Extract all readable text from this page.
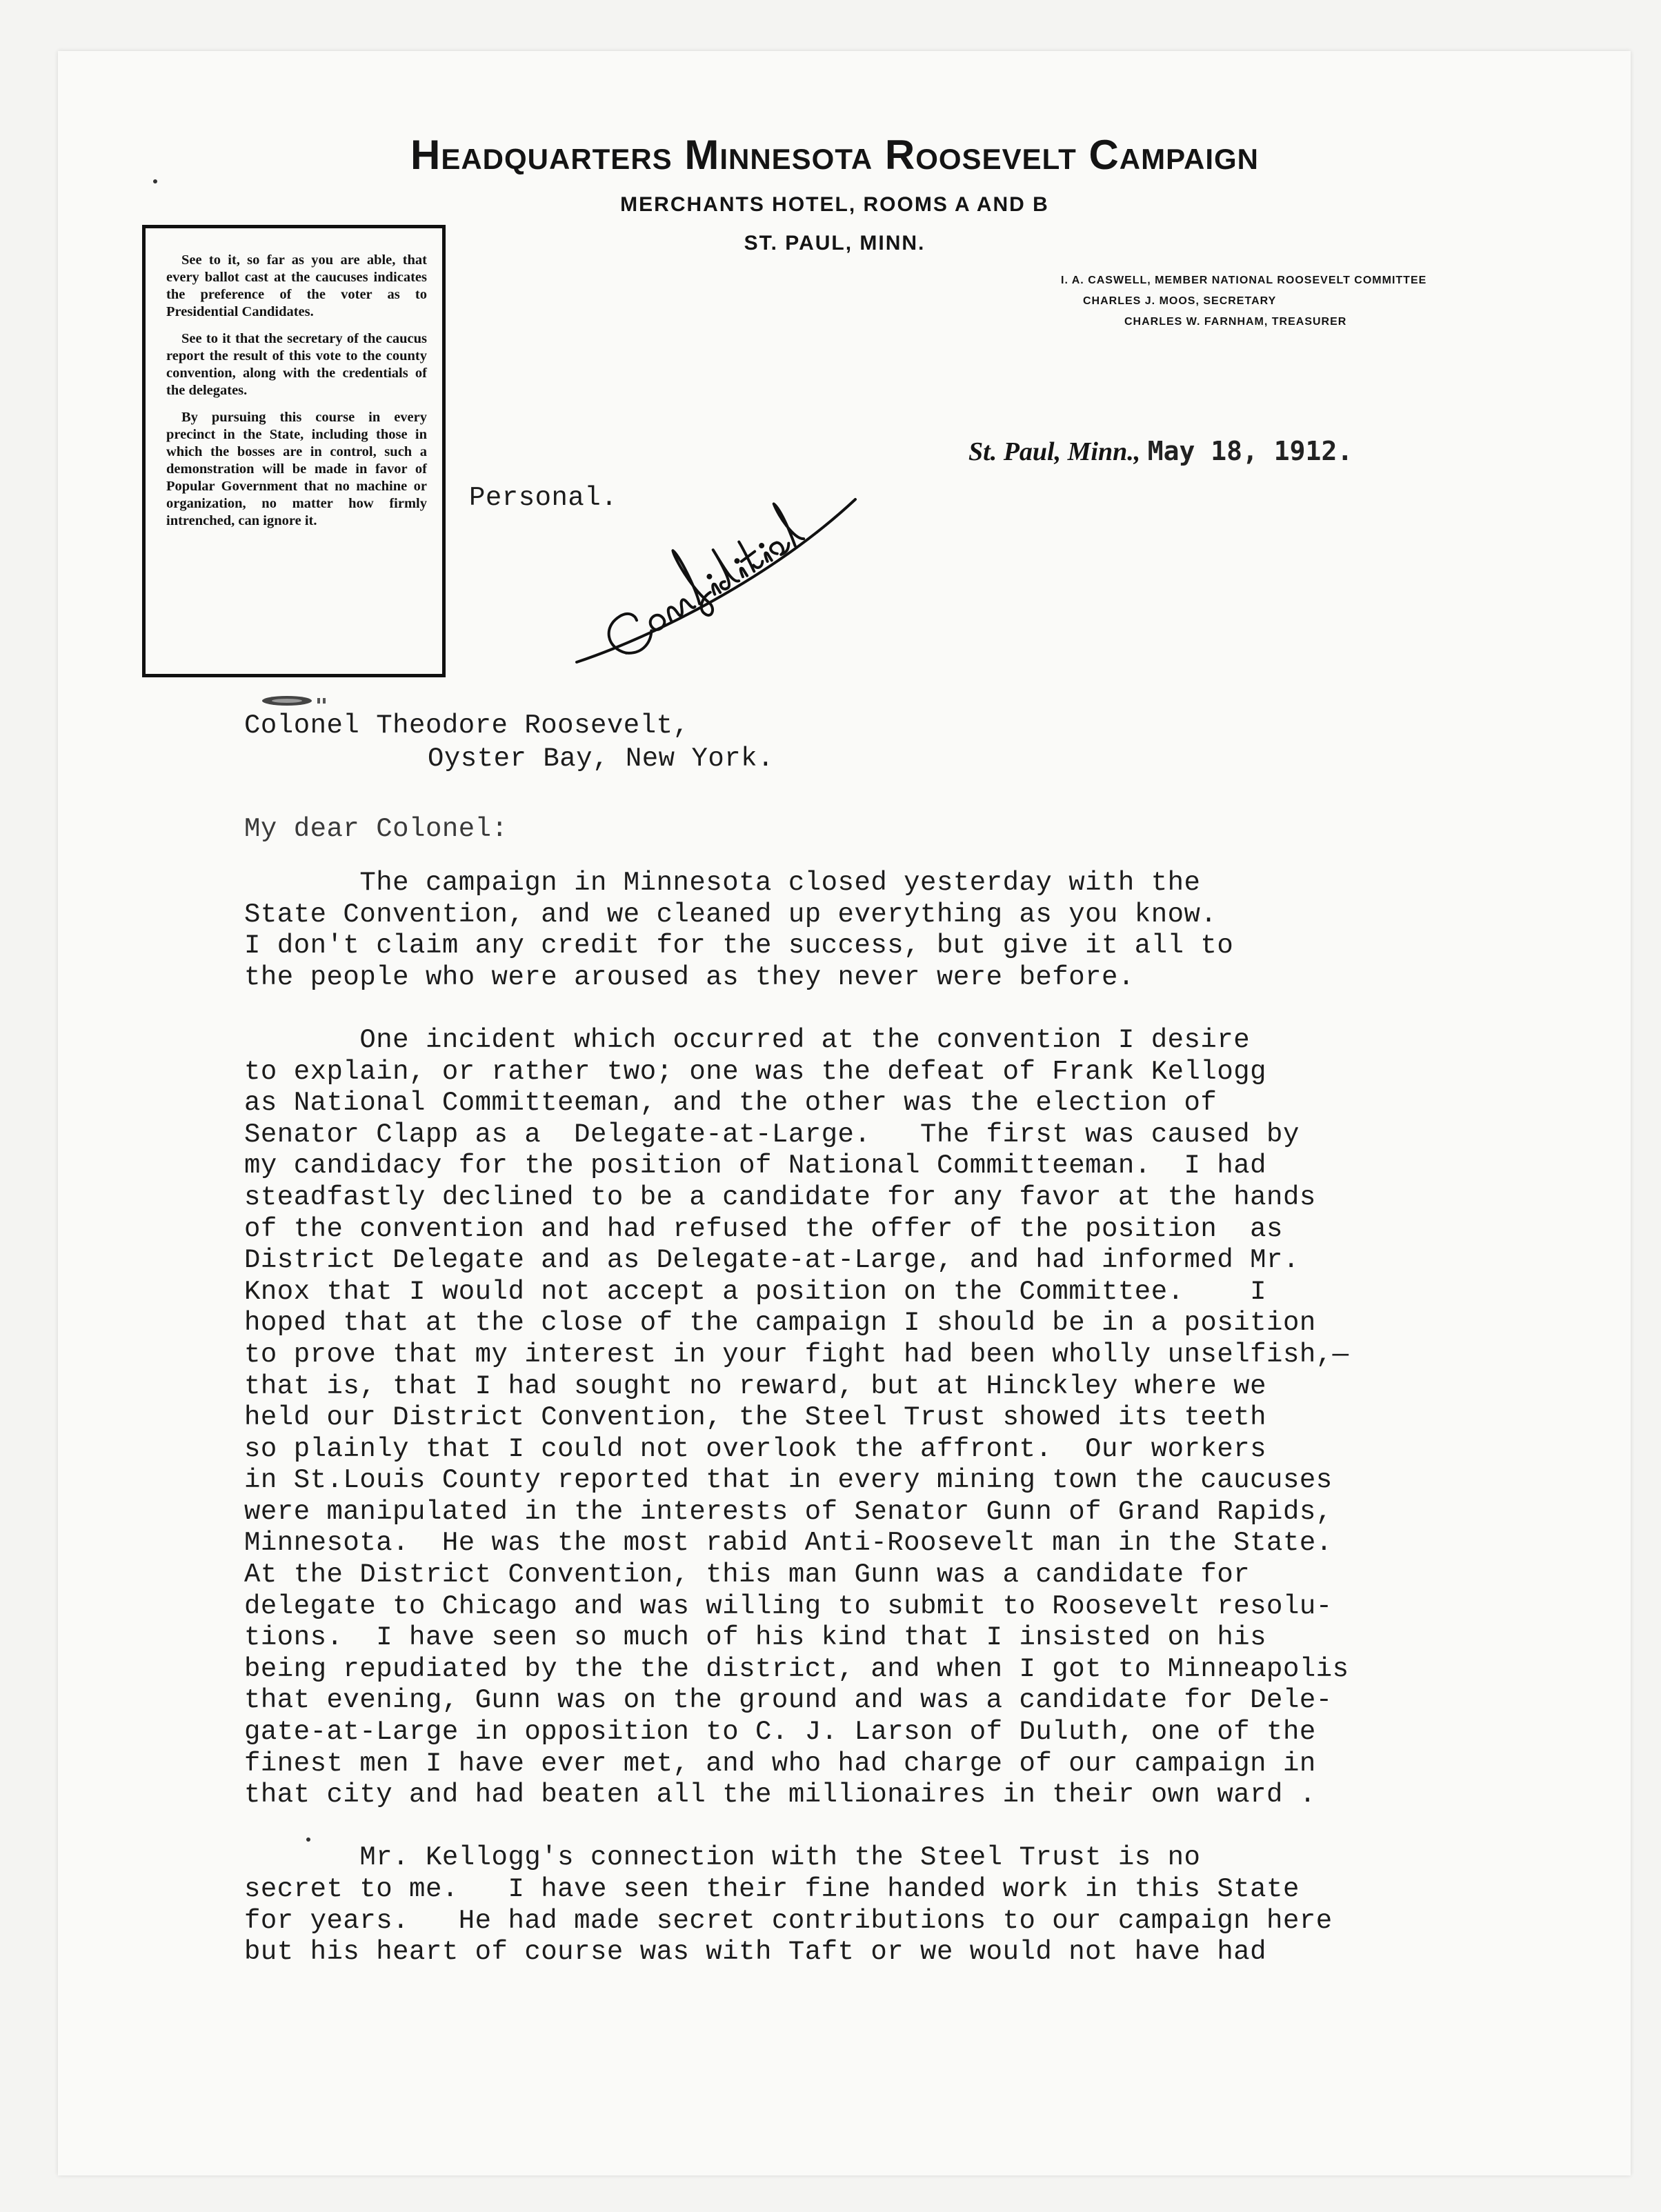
Headquarters Minnesota Roosevelt Campaign
MERCHANTS HOTEL, ROOMS A AND B
ST. PAUL, MINN.
I. A. CASWELL, MEMBER NATIONAL ROOSEVELT COMMITTEE
CHARLES J. MOOS, SECRETARY
CHARLES W. FARNHAM, TREASURER

See to it, so far as you are able, that every ballot cast at the caucuses indicates the preference of the voter as to Presidential Candidates.

See to it that the secretary of the caucus report the result of this vote to the county convention, along with the credentials of the delegates.

By pursuing this course in every precinct in the State, including those in which the bosses are in control, such a demonstration will be made in favor of Popular Government that no machine or organization, no matter how firmly intrenched, can ignore it.

St. Paul, Minn., May 18, 1912.
Personal.
Colonel Theodore Roosevelt,
Oyster Bay, New York.
My dear Colonel:
The campaign in Minnesota closed yesterday with the
State Convention, and we cleaned up everything as you know.
I don't claim any credit for the success, but give it all to
the people who were aroused as they never were before.
One incident which occurred at the convention I desire
to explain, or rather two; one was the defeat of Frank Kellogg
as National Committeeman, and the other was the election of
Senator Clapp as a  Delegate-at-Large.   The first was caused by
my candidacy for the position of National Committeeman.  I had
steadfastly declined to be a candidate for any favor at the hands
of the convention and had refused the offer of the position  as
District Delegate and as Delegate-at-Large, and had informed Mr.
Knox that I would not accept a position on the Committee.    I
hoped that at the close of the campaign I should be in a position
to prove that my interest in your fight had been wholly unselfish,—
that is, that I had sought no reward, but at Hinckley where we
held our District Convention, the Steel Trust showed its teeth
so plainly that I could not overlook the affront.  Our workers
in St.Louis County reported that in every mining town the caucuses
were manipulated in the interests of Senator Gunn of Grand Rapids,
Minnesota.  He was the most rabid Anti-Roosevelt man in the State.
At the District Convention, this man Gunn was a candidate for
delegate to Chicago and was willing to submit to Roosevelt resolu-
tions.  I have seen so much of his kind that I insisted on his
being repudiated by the the district, and when I got to Minneapolis
that evening, Gunn was on the ground and was a candidate for Dele-
gate-at-Large in opposition to C. J. Larson of Duluth, one of the
finest men I have ever met, and who had charge of our campaign in
that city and had beaten all the millionaires in their own ward .
Mr. Kellogg's connection with the Steel Trust is no
secret to me.   I have seen their fine handed work in this State
for years.   He had made secret contributions to our campaign here
but his heart of course was with Taft or we would not have had
